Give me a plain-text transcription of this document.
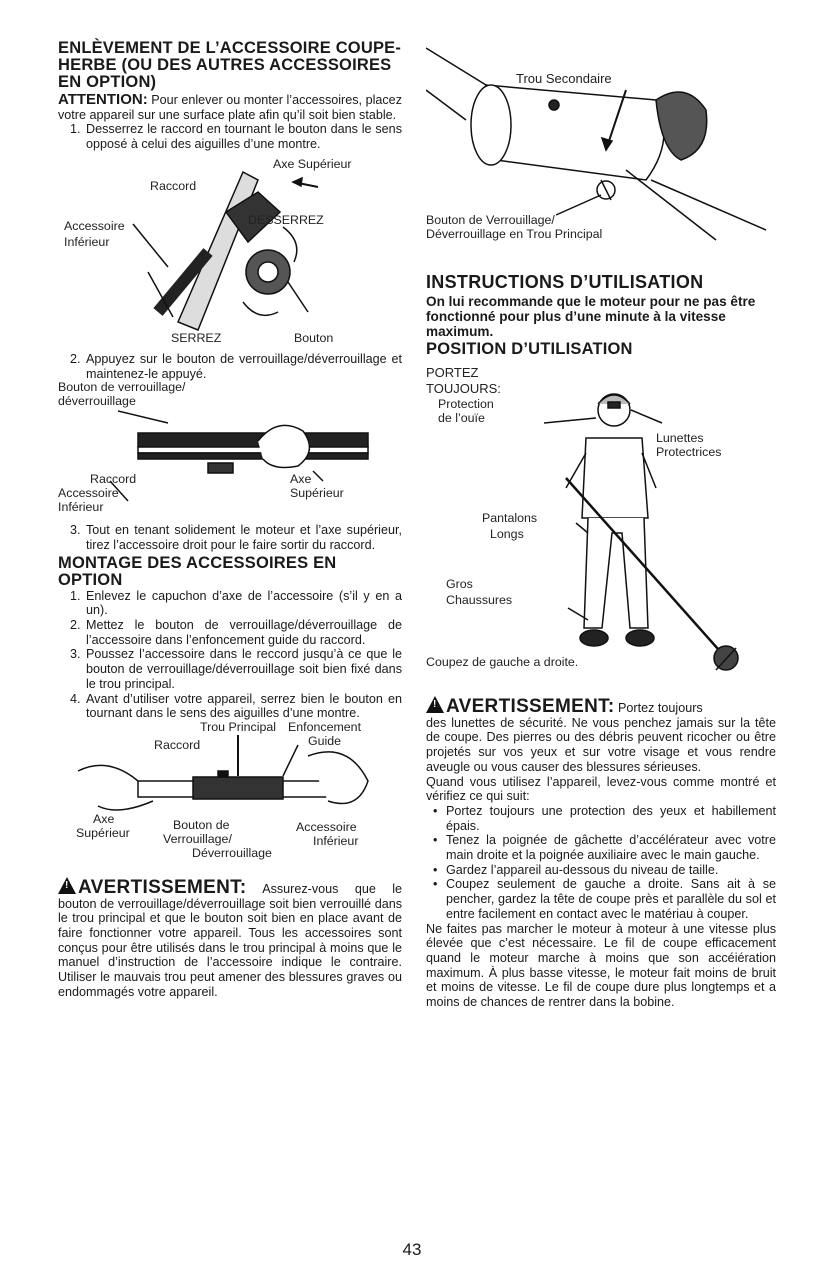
ENLÈVEMENT DE L’ACCESSOIRE COUPE-HERBE (OU DES AUTRES ACCESSOIRES EN OPTION)

ATTENTION: Pour enlever ou monter l’accessoires, placez votre appareil sur une surface plate afin qu’il soit bien stable.

1. Desserrez le raccord en tournant le bouton dans le sens opposé à celui des aiguilles d’une montre.
Axe Supérieur
Raccord
DESSERREZ
Accessoire
Inférieur
SERREZ	Bouton
2. Appuyez sur le bouton de verrouillage/déverrouillage et maintenez-le appuyé.
Bouton de verrouillage/
déverrouillage
Raccord	Axe
Supérieur
Accessoire
Inférieur
3. Tout en tenant solidement le moteur et l’axe supérieur, tirez l’accessoire droit pour le faire sortir du raccord.
MONTAGE DES ACCESSOIRES EN OPTION
1. Enlevez le capuchon d’axe de l’accessoire (s’il y en a un).
2. Mettez le bouton de verrouillage/déverrouillage de l’accessoire dans l’enfoncement guide du raccord.
3. Poussez l’accessoire dans le reccord jusqu’à ce que le bouton de verrouillage/déverrouillage soit bien fixé dans le trou principal.
4. Avant d’utiliser votre appareil, serrez bien le bouton en tournant dans le sens des aiguilles d’une montre.
Trou Principal Enfoncement
Guide
Raccord
Axe
Supérieur
Bouton de
Verrouillage/
Déverrouillage
Accessoire
Inférieur

! AVERTISSEMENT: Assurez-vous que le bouton de verrouillage/déverrouillage soit bien verrouillé dans le trou principal et que le bouton soit bien en place avant de faire fonctionner votre appareil. Tous les accessoires sont conçus pour être utilisés dans le trou principal à moins que le manuel d’instruction de l’accessoire indique le contraire. Utiliser le mauvais trou peut amener des blessures graves ou endommagés votre appareil.

Trou Secondaire
Bouton de Verrouillage/
Déverrouillage en Trou Principal
INSTRUCTIONS D’UTILISATION

On lui recommande que le moteur pour ne pas être fonctionné pour plus d’une minute à la vitesse maximum.

POSITION D’UTILISATION
PORTEZ
TOUJOURS:
Protection
de l’ouïe
Lunettes
Protectrices
Pantalons
Longs
Gros
Chaussures
Coupez de gauche a droite.

! AVERTISSEMENT: Portez toujours

des lunettes de sécurité. Ne vous penchez jamais sur la tête de coupe. Des pierres ou des débris peuvent ricocher ou être projetés sur vos yeux et sur votre visage et vous rendre aveugle ou vous causer des blessures sérieuses.

Quand vous utilisez l’appareil, levez-vous comme montré et vérifiez ce qui suit:

• Portez toujours une protection des yeux et habillement épais.
• Tenez la poignée de gâchette d’accélérateur avec votre main droite et la poignée auxiliaire avec le main gauche.
• Gardez l’appareil au-dessous du niveau de taille.
• Coupez seulement de gauche a droite. Sans ait à se pencher, gardez la tête de coupe près et parallèle du sol et entre facilement en contact avec le matériau à couper.

Ne faites pas marcher le moteur à moteur à une vitesse plus élevée que c’est nécessaire. Le fil de coupe efficacement quand le moteur marche à moins que son accéiération maximum. À plus basse vitesse, le moteur fait moins de bruit et moins de vitesse. Le fil de coupe dure plus longtemps et a moins de chances de rentrer dans la bobine.

43
